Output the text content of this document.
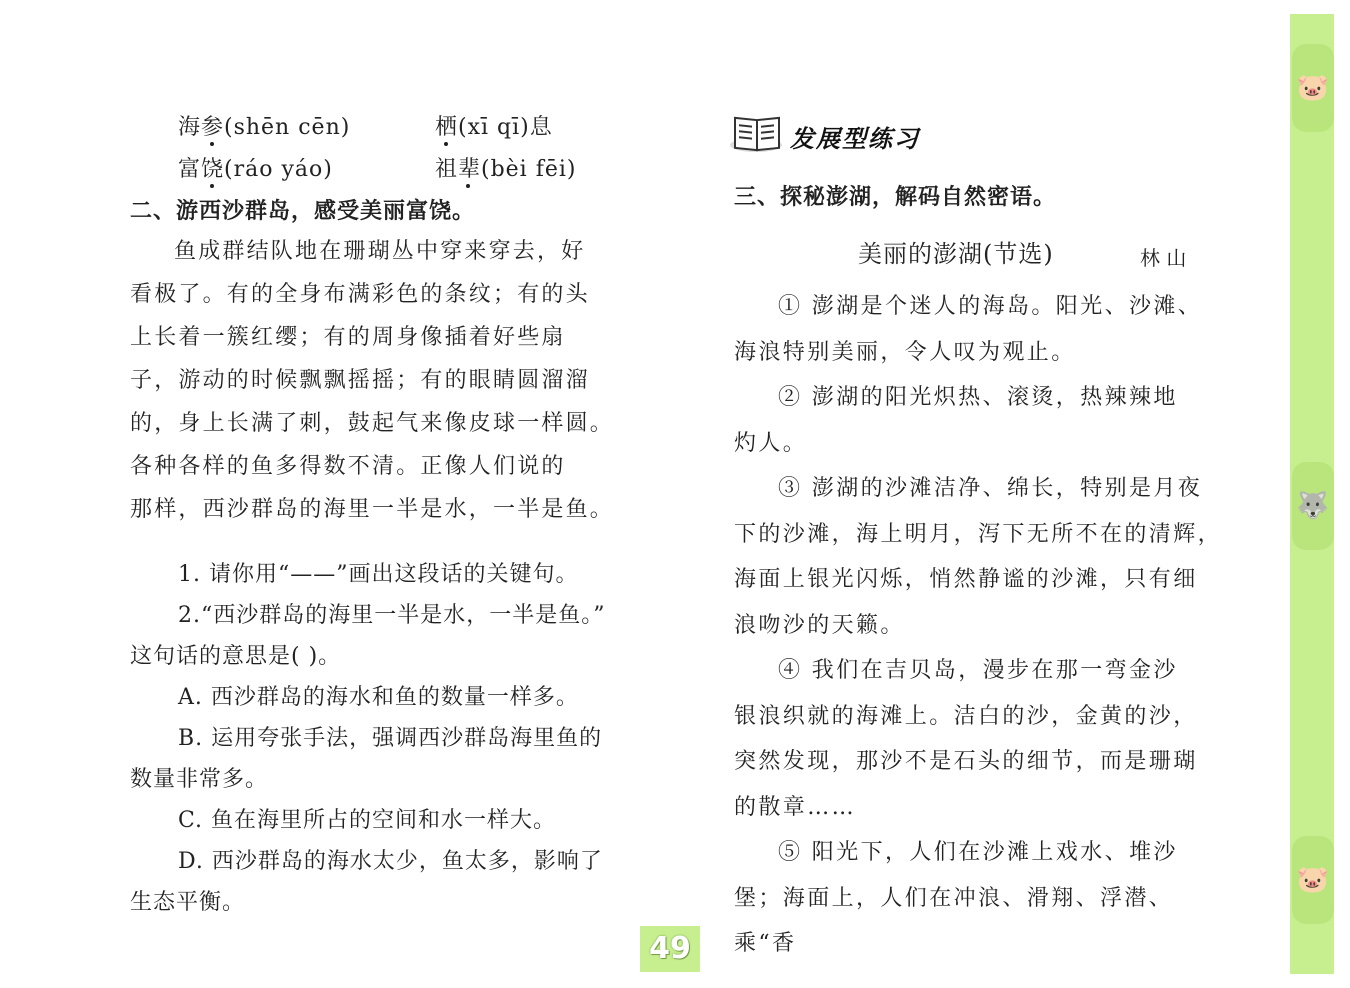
🐷
🐺
🐷
海参(shēn cēn)	栖(xī qī)息
富饶(ráo yáo)	祖辈(bèi fēi)
二、游西沙群岛，感受美丽富饶。

鱼成群结队地在珊瑚丛中穿来穿去，好

看极了。有的全身布满彩色的条纹；有的头

上长着一簇红缨；有的周身像插着好些扇

子，游动的时候飘飘摇摇；有的眼睛圆溜溜

的，身上长满了刺，鼓起气来像皮球一样圆。

各种各样的鱼多得数不清。正像人们说的

那样，西沙群岛的海里一半是水，一半是鱼。

1. 请你用“——”画出这段话的关键句。

2.“西沙群岛的海里一半是水，一半是鱼。”

这句话的意思是( )。

A. 西沙群岛的海水和鱼的数量一样多。

B. 运用夸张手法，强调西沙群岛海里鱼的

数量非常多。

C. 鱼在海里所占的空间和水一样大。

D. 西沙群岛的海水太少，鱼太多，影响了

生态平衡。

发展型练习
三、探秘澎湖，解码自然密语。
美丽的澎湖(节选)	林 山

① 澎湖是个迷人的海岛。阳光、沙滩、

海浪特别美丽，令人叹为观止。

② 澎湖的阳光炽热、滚烫，热辣辣地

灼人。

③ 澎湖的沙滩洁净、绵长，特别是月夜

下的沙滩，海上明月，泻下无所不在的清辉，

海面上银光闪烁，悄然静谧的沙滩，只有细

浪吻沙的天籁。

④ 我们在吉贝岛，漫步在那一弯金沙

银浪织就的海滩上。洁白的沙，金黄的沙，

突然发现，那沙不是石头的细节，而是珊瑚

的散章……

⑤ 阳光下，人们在沙滩上戏水、堆沙

堡；海面上，人们在冲浪、滑翔、浮潜、乘“香

49
